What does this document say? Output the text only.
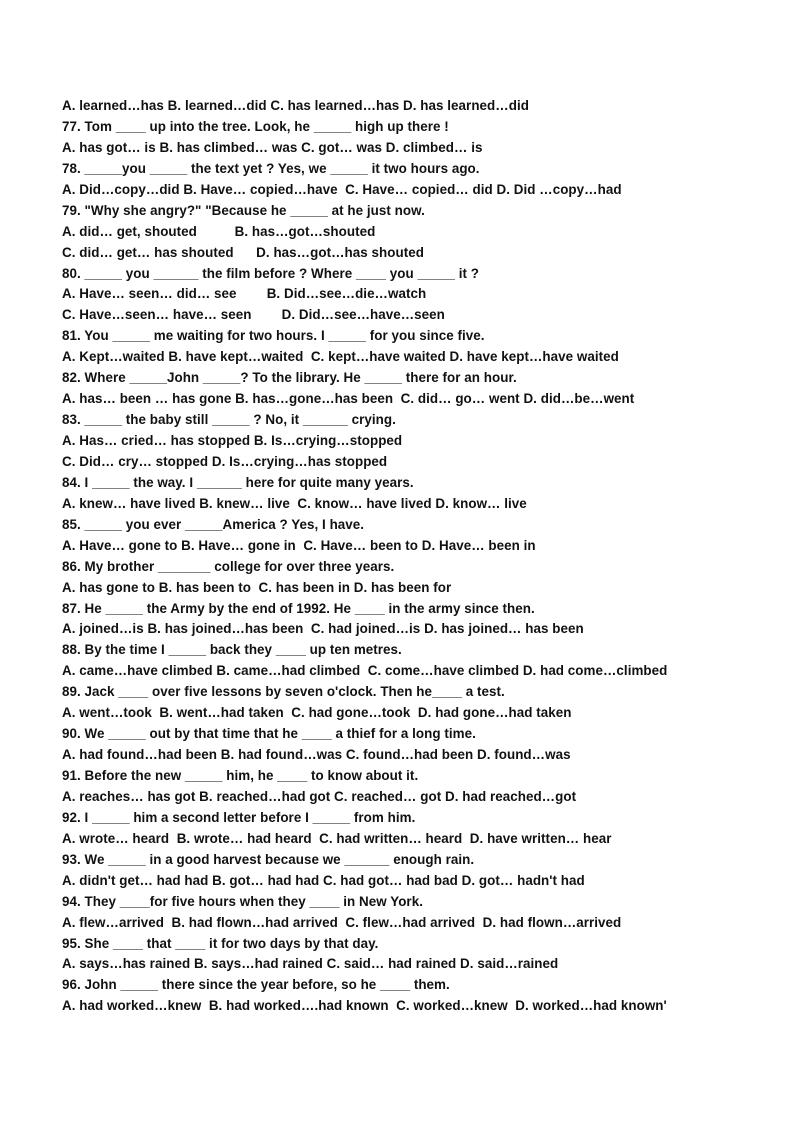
A. learned…has B. learned…did C. has learned…has D. has learned…did
77. Tom ____ up into the tree. Look, he _____ high up there !
A. has got… is B. has climbed… was C. got… was D. climbed… is
78. _____you _____ the text yet ? Yes, we _____ it two hours ago.
A. Did…copy…did B. Have… copied…have  C. Have… copied… did D. Did …copy…had
79. "Why she angry?" "Because he _____ at he just now.
A. did… get, shouted          B. has…got…shouted
C. did… get… has shouted      D. has…got…has shouted
80. _____ you ______ the film before ? Where ____ you _____ it ?
A. Have… seen… did… see        B. Did…see…die…watch
C. Have…seen… have… seen        D. Did…see…have…seen
81. You _____ me waiting for two hours. I _____ for you since five.
A. Kept…waited B. have kept…waited  C. kept…have waited D. have kept…have waited
82. Where _____John _____? To the library. He _____ there for an hour.
A. has… been … has gone B. has…gone…has been  C. did… go… went D. did…be…went
83. _____ the baby still _____ ? No, it ______ crying.
A. Has… cried… has stopped B. Is…crying…stopped
C. Did… cry… stopped D. Is…crying…has stopped
84. I _____ the way. I ______ here for quite many years.
A. knew… have lived B. knew… live  C. know… have lived D. know… live
85. _____ you ever _____America ? Yes, I have.
A. Have… gone to B. Have… gone in  C. Have… been to D. Have… been in
86. My brother _______ college for over three years.
A. has gone to B. has been to  C. has been in D. has been for
87. He _____ the Army by the end of 1992. He ____ in the army since then.
A. joined…is B. has joined…has been  C. had joined…is D. has joined… has been
88. By the time I _____ back they ____ up ten metres.
A. came…have climbed B. came…had climbed  C. come…have climbed D. had come…climbed
89. Jack ____ over five lessons by seven o'clock. Then he____ a test.
A. went…took  B. went…had taken  C. had gone…took  D. had gone…had taken
90. We _____ out by that time that he ____ a thief for a long time.
A. had found…had been B. had found…was C. found…had been D. found…was
91. Before the new _____ him, he ____ to know about it.
A. reaches… has got B. reached…had got C. reached… got D. had reached…got
92. I _____ him a second letter before I _____ from him.
A. wrote… heard  B. wrote… had heard  C. had written… heard  D. have written… hear
93. We _____ in a good harvest because we ______ enough rain.
A. didn't get… had had B. got… had had C. had got… had bad D. got… hadn't had
94. They ____for five hours when they ____ in New York.
A. flew…arrived  B. had flown…had arrived  C. flew…had arrived  D. had flown…arrived
95. She ____ that ____ it for two days by that day.
A. says…has rained B. says…had rained C. said… had rained D. said…rained
96. John _____ there since the year before, so he ____ them.
A. had worked…knew  B. had worked….had known  C. worked…knew  D. worked…had known'
